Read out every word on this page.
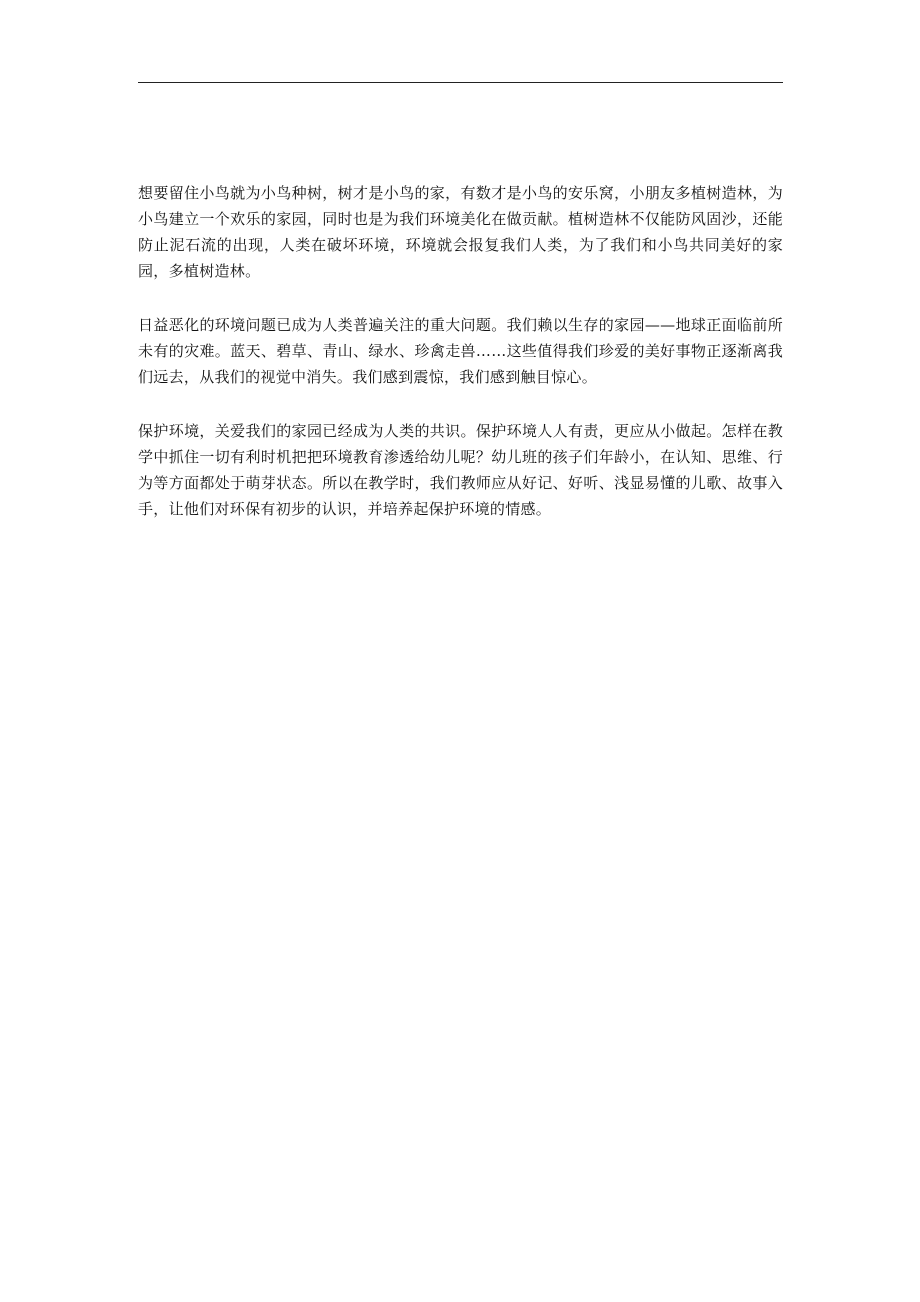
想要留住小鸟就为小鸟种树，树才是小鸟的家，有数才是小鸟的安乐窝，小朋友多植树造林，为小鸟建立一个欢乐的家园，同时也是为我们环境美化在做贡献。植树造林不仅能防风固沙，还能防止泥石流的出现，人类在破坏环境，环境就会报复我们人类，为了我们和小鸟共同美好的家园，多植树造林。

日益恶化的环境问题已成为人类普遍关注的重大问题。我们赖以生存的家园——地球正面临前所未有的灾难。蓝天、碧草、青山、绿水、珍禽走兽……这些值得我们珍爱的美好事物正逐渐离我们远去，从我们的视觉中消失。我们感到震惊，我们感到触目惊心。

保护环境，关爱我们的家园已经成为人类的共识。保护环境人人有责，更应从小做起。怎样在教学中抓住一切有利时机把把环境教育渗透给幼儿呢？幼儿班的孩子们年龄小，在认知、思维、行为等方面都处于萌芽状态。所以在教学时，我们教师应从好记、好听、浅显易懂的儿歌、故事入手，让他们对环保有初步的认识，并培养起保护环境的情感。
